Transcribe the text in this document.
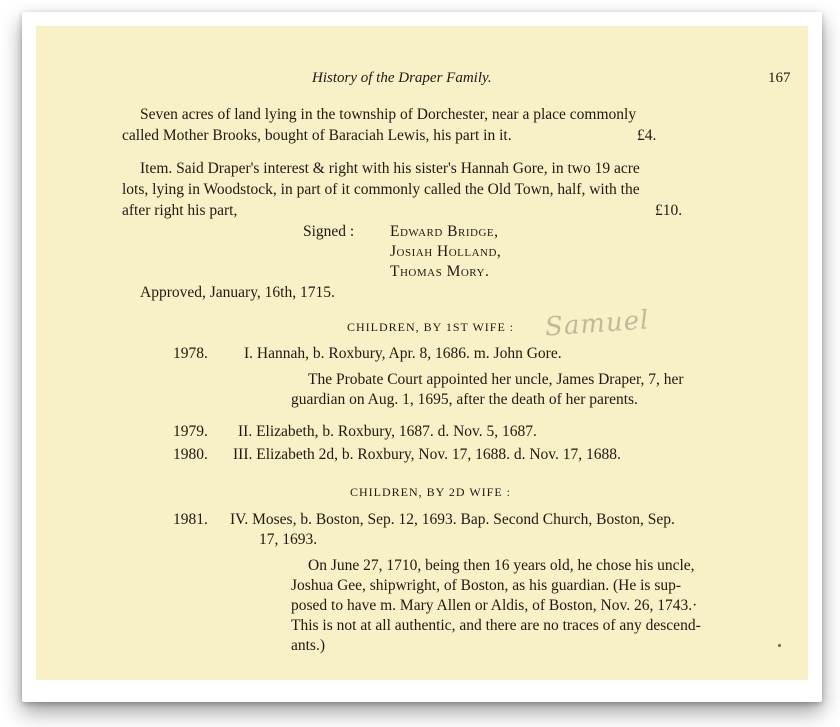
History of the Draper Family.	167
Seven acres of land lying in the township of Dorchester, near a place commonly
called Mother Brooks, bought of Baraciah Lewis, his part in it.	£4.
Item. Said Draper's interest & right with his sister's Hannah Gore, in two 19 acre
lots, lying in Woodstock, in part of it commonly called the Old Town, half, with the
after right his part,	£10.
Signed : Edward Bridge,
Josiah Holland,
Thomas Mory.
Approved, January, 16th, 1715.
CHILDREN, BY 1ST WIFE : Samuel
1978. I. Hannah, b. Roxbury, Apr. 8, 1686. m. John Gore.
The Probate Court appointed her uncle, James Draper, 7, her
guardian on Aug. 1, 1695, after the death of her parents.
1979. II. Elizabeth, b. Roxbury, 1687. d. Nov. 5, 1687.
1980. III. Elizabeth 2d, b. Roxbury, Nov. 17, 1688. d. Nov. 17, 1688.
CHILDREN, BY 2D WIFE :
1981. IV. Moses, b. Boston, Sep. 12, 1693. Bap. Second Church, Boston, Sep.
17, 1693.
On June 27, 1710, being then 16 years old, he chose his uncle,
Joshua Gee, shipwright, of Boston, as his guardian. (He is sup-
posed to have m. Mary Allen or Aldis, of Boston, Nov. 26, 1743.·
This is not at all authentic, and there are no traces of any descend-
ants.)
